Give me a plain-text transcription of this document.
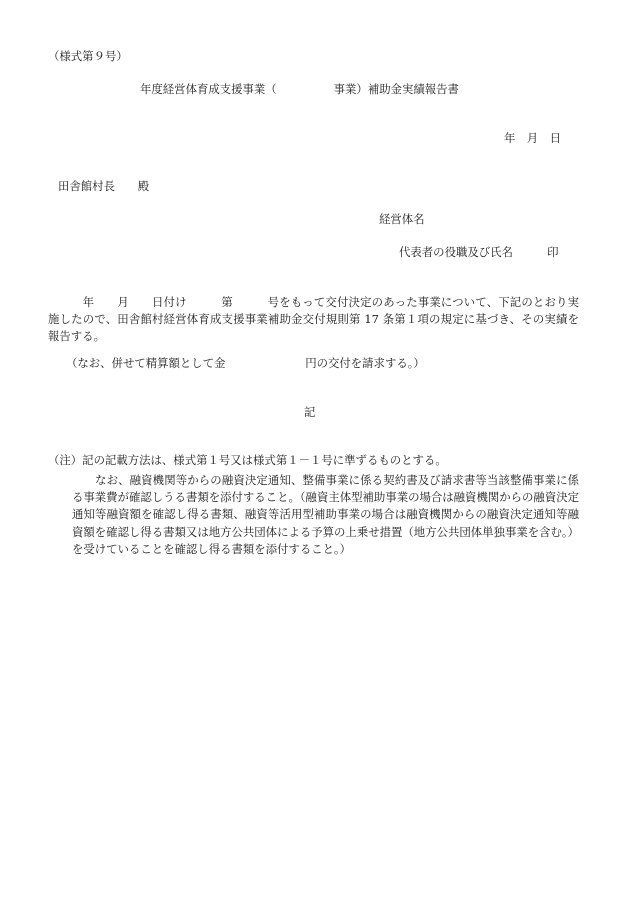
（様式第９号）
年度経営体育成支援事業（　　　　　事業）補助金実績報告書
年　月　日
田舎館村長　　殿
経営体名
代表者の役職及び氏名　　　印
　　　年　　月　　日付け　　　第　　　号をもって交付決定のあった事業について、下記のとおり実施したので、田舎館村経営体育成支援事業補助金交付規則第 17 条第１項の規定に基づき、その実績を報告する。
（なお、併せて精算額として金　　　　　　　円の交付を請求する。）
記
（注）記の記載方法は、様式第１号又は様式第１－１号に準ずるものとする。
　　なお、融資機関等からの融資決定通知、整備事業に係る契約書及び請求書等当該整備事業に係る事業費が確認しうる書類を添付すること。（融資主体型補助事業の場合は融資機関からの融資決定通知等融資額を確認し得る書類、融資等活用型補助事業の場合は融資機関からの融資決定通知等融資額を確認し得る書類又は地方公共団体による予算の上乗せ措置（地方公共団体単独事業を含む。）を受けていることを確認し得る書類を添付すること。）
